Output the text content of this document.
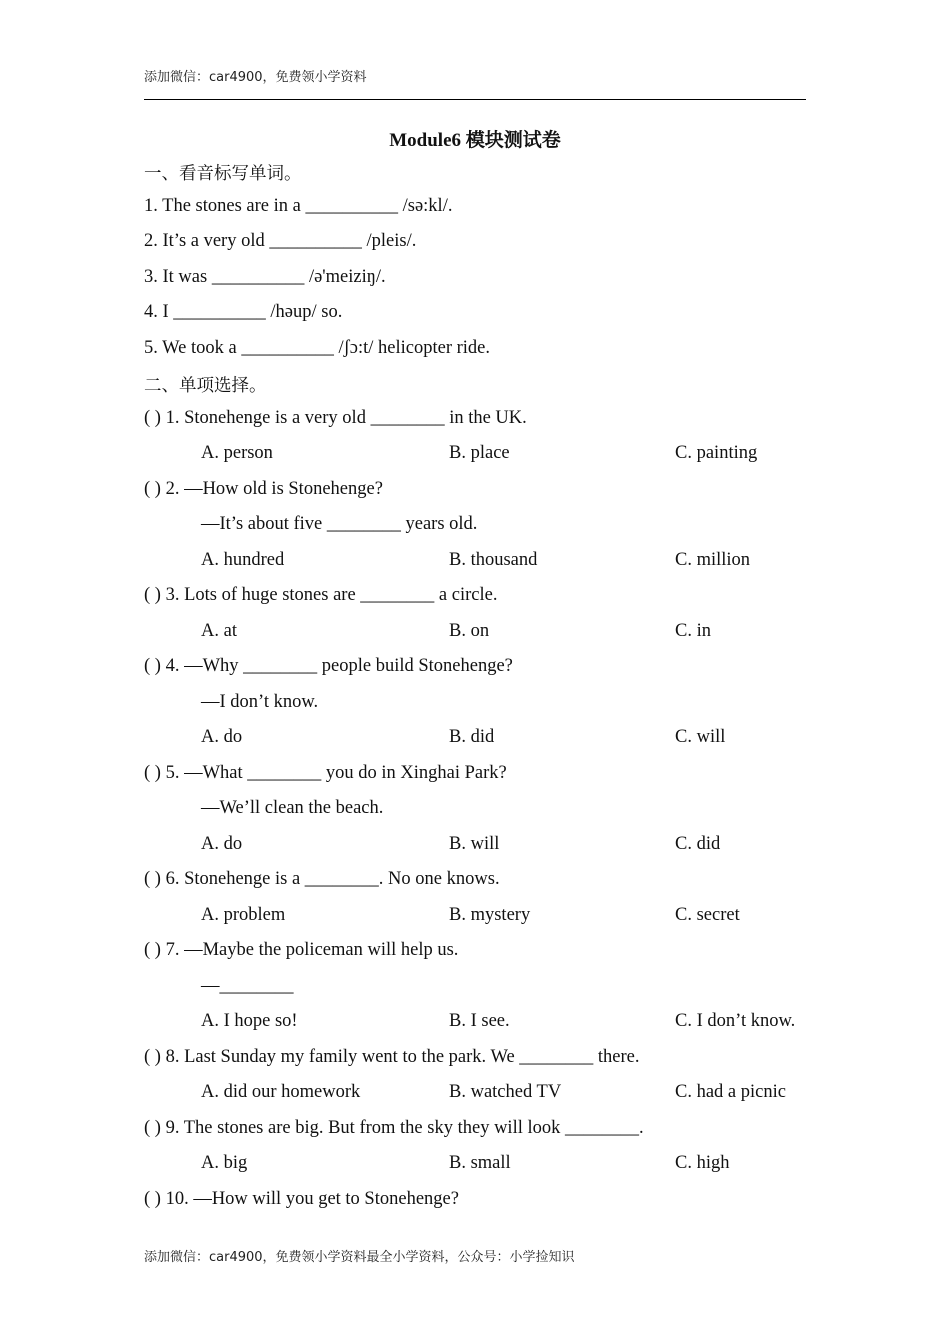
添加微信：car4900，免费领小学资料
Module6 模块测试卷
一、看音标写单词。
1. The stones are in a __________ /sə:kl/.
2. It’s a very old __________ /pleis/.
3. It was __________ /ə'meiziŋ/.
4. I __________ /həup/ so.
5. We took a __________ /ʃɔ:t/ helicopter ride.
二、单项选择。
( ) 1. Stonehenge is a very old ________ in the UK.
A. person	B. place	C. painting
( ) 2. —How old is Stonehenge?
—It’s about five ________ years old.
A. hundred	B. thousand	C. million
( ) 3. Lots of huge stones are ________ a circle.
A. at	B. on	C. in
( ) 4. —Why ________ people build Stonehenge?
—I don’t know.
A. do	B. did	C. will
( ) 5. —What ________ you do in Xinghai Park?
—We’ll clean the beach.
A. do	B. will	C. did
( ) 6. Stonehenge is a ________. No one knows.
A. problem	B. mystery	C. secret
( ) 7. —Maybe the policeman will help us.
—________
A. I hope so!	B. I see.	C. I don’t know.
( ) 8. Last Sunday my family went to the park. We ________ there.
A. did our homework	B. watched TV	C. had a picnic
( ) 9. The stones are big. But from the sky they will look ________.
A. big	B. small	C. high
( ) 10. —How will you get to Stonehenge?
添加微信：car4900，免费领小学资料最全小学资料，公众号：小学捡知识
